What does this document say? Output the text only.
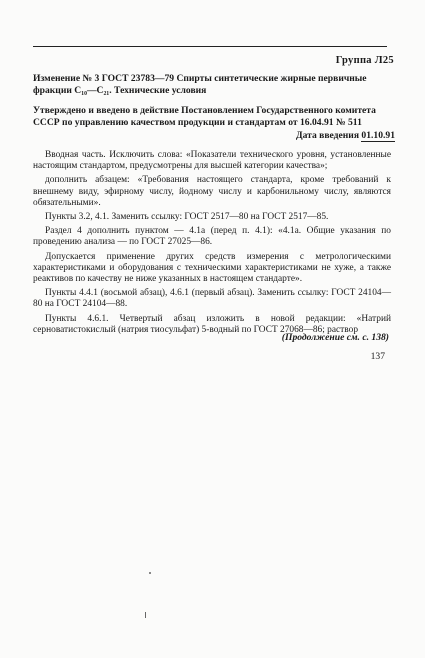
Группа Л25
Изменение № 3 ГОСТ 23783—79 Спирты синтетические жирные первичные фракции С₁₀—С₂₁. Технические условия
Утверждено и введено в действие Постановлением Государственного комитета СССР по управлению качеством продукции и стандартам от 16.04.91 № 511
Дата введения 01.10.91

Вводная часть. Исключить слова: «Показатели технического уровня, установленные настоящим стандартом, предусмотрены для высшей категории качества»;

дополнить абзацем: «Требования настоящего стандарта, кроме требований к внешнему виду, эфирному числу, йодному числу и карбонильному числу, являются обязательными».

Пункты 3.2, 4.1. Заменить ссылку: ГОСТ 2517—80 на ГОСТ 2517—85.

Раздел 4 дополнить пунктом — 4.1а (перед п. 4.1): «4.1а. Общие указания по проведению анализа — по ГОСТ 27025—86.

Допускается применение других средств измерения с метрологическими характеристиками и оборудования с техническими характеристиками не хуже, а также реактивов по качеству не ниже указанных в настоящем стандарте».

Пункты 4.4.1 (восьмой абзац), 4.6.1 (первый абзац). Заменить ссылку: ГОСТ 24104—80 на ГОСТ 24104—88.

Пункты 4.6.1. Четвертый абзац изложить в новой редакции: «Натрий серноватистокислый (натрия тиосульфат) 5-водный по ГОСТ 27068—86; раствор

(Продолжение см. с. 138)
137
